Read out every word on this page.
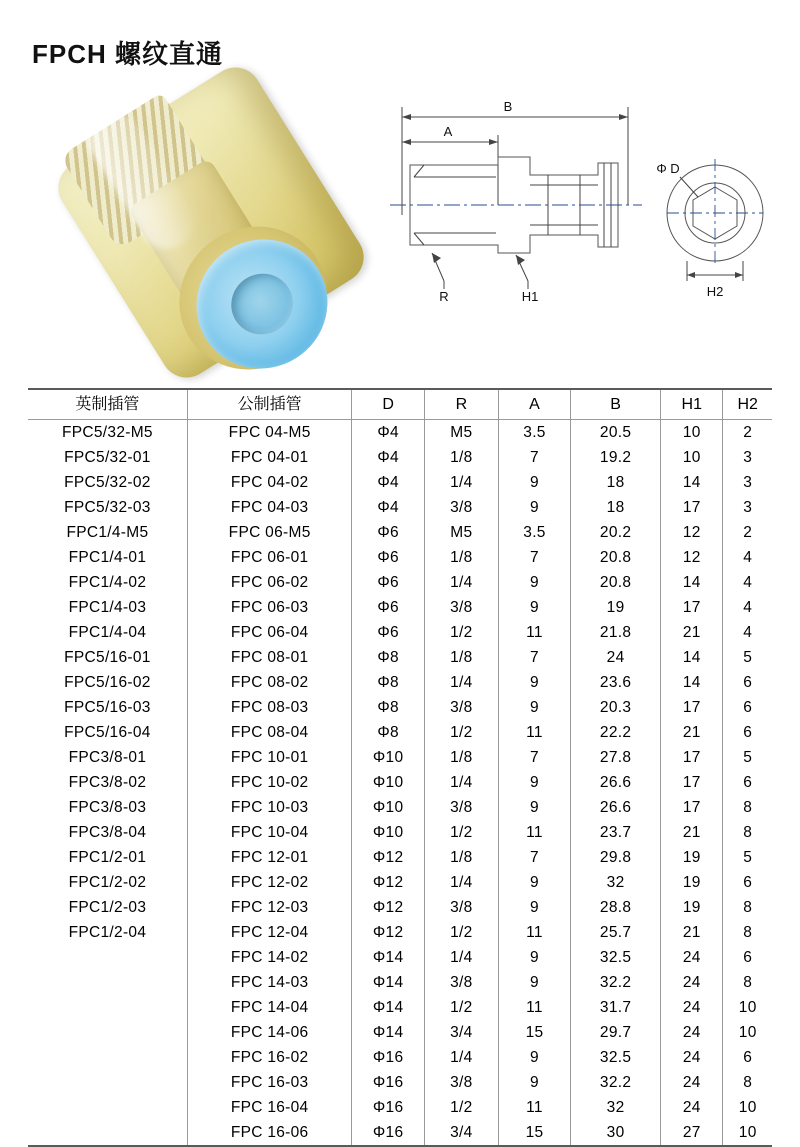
FPCH 螺纹直通
B
A
R	H1
Φ D
H2
英制插管	公制插管	D	R	A	B	H1	H2
FPC5/32-M5	FPC 04-M5	Φ4	M5	3.5	20.5	10	2
FPC5/32-01	FPC 04-01	Φ4	1/8	7	19.2	10	3
FPC5/32-02	FPC 04-02	Φ4	1/4	9	18	14	3
FPC5/32-03	FPC 04-03	Φ4	3/8	9	18	17	3
FPC1/4-M5	FPC 06-M5	Φ6	M5	3.5	20.2	12	2
FPC1/4-01	FPC 06-01	Φ6	1/8	7	20.8	12	4
FPC1/4-02	FPC 06-02	Φ6	1/4	9	20.8	14	4
FPC1/4-03	FPC 06-03	Φ6	3/8	9	19	17	4
FPC1/4-04	FPC 06-04	Φ6	1/2	11	21.8	21	4
FPC5/16-01	FPC 08-01	Φ8	1/8	7	24	14	5
FPC5/16-02	FPC 08-02	Φ8	1/4	9	23.6	14	6
FPC5/16-03	FPC 08-03	Φ8	3/8	9	20.3	17	6
FPC5/16-04	FPC 08-04	Φ8	1/2	11	22.2	21	6
FPC3/8-01	FPC 10-01	Φ10	1/8	7	27.8	17	5
FPC3/8-02	FPC 10-02	Φ10	1/4	9	26.6	17	6
FPC3/8-03	FPC 10-03	Φ10	3/8	9	26.6	17	8
FPC3/8-04	FPC 10-04	Φ10	1/2	11	23.7	21	8
FPC1/2-01	FPC 12-01	Φ12	1/8	7	29.8	19	5
FPC1/2-02	FPC 12-02	Φ12	1/4	9	32	19	6
FPC1/2-03	FPC 12-03	Φ12	3/8	9	28.8	19	8
FPC1/2-04	FPC 12-04	Φ12	1/2	11	25.7	21	8
	FPC 14-02	Φ14	1/4	9	32.5	24	6
	FPC 14-03	Φ14	3/8	9	32.2	24	8
	FPC 14-04	Φ14	1/2	11	31.7	24	10
	FPC 14-06	Φ14	3/4	15	29.7	24	10
	FPC 16-02	Φ16	1/4	9	32.5	24	6
	FPC 16-03	Φ16	3/8	9	32.2	24	8
	FPC 16-04	Φ16	1/2	11	32	24	10
	FPC 16-06	Φ16	3/4	15	30	27	10
